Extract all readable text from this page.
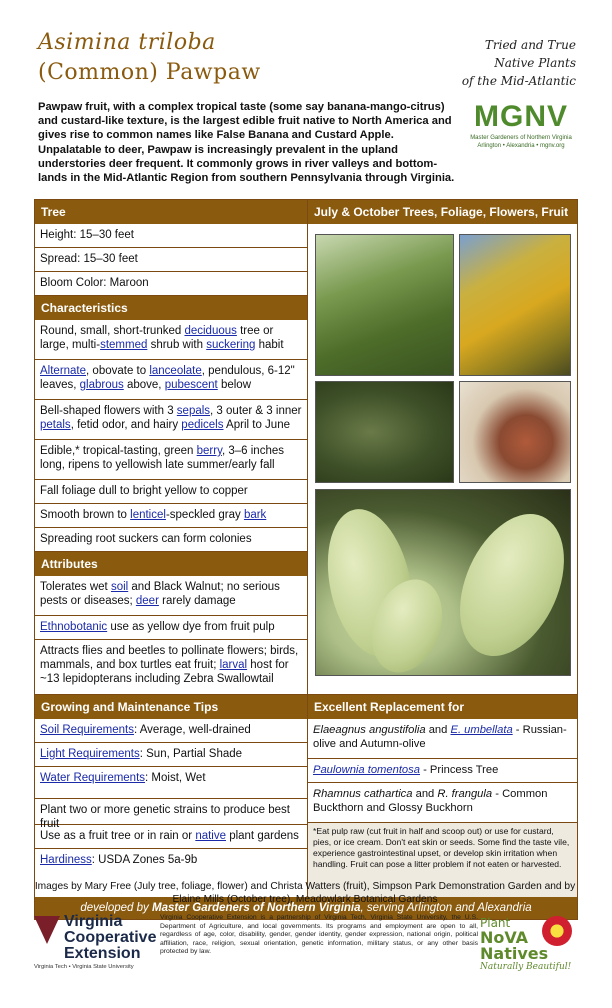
Asimina triloba
(Common) Pawpaw
Tried and True
Native Plants
of the Mid-Atlantic
MGNV
Master Gardeners of Northern Virginia
Arlington • Alexandria • mgnv.org
Pawpaw fruit, with a complex tropical taste (some say banana-mango-citrus) and custard-like texture, is the largest edible fruit native to North America and gives rise to common names like False Banana and Custard Apple. Unpalatable to deer, Pawpaw is increasingly prevalent in the upland understories deer frequent. It commonly grows in river valleys and bottom-lands in the Mid-Atlantic Region from southern Pennsylvania through Virginia.
Tree
Height: 15–30 feet
Spread: 15–30 feet
Bloom Color: Maroon
Characteristics
Round, small, short-trunked deciduous tree or large, multi-stemmed shrub with suckering habit
Alternate, obovate to lanceolate, pendulous, 6-12" leaves, glabrous above, pubescent below
Bell-shaped flowers with 3 sepals, 3 outer & 3 inner petals, fetid odor, and hairy pedicels April to June
Edible,* tropical-tasting, green berry, 3–6 inches long, ripens to yellowish late summer/early fall
Fall foliage dull to bright yellow to copper
Smooth brown to lenticel-speckled gray bark
Spreading root suckers can form colonies
Attributes
Tolerates wet soil and Black Walnut; no serious pests or diseases; deer rarely damage
Ethnobotanic use as yellow dye from fruit pulp
Attracts flies and beetles to pollinate flowers; birds, mammals, and box turtles eat fruit; larval host for ~13 lepidopterans including Zebra Swallowtail
July & October Trees, Foliage, Flowers, Fruit
Growing and Maintenance Tips
Soil Requirements: Average, well-drained
Light Requirements: Sun, Partial Shade
Water Requirements: Moist, Wet
Plant two or more genetic strains to produce best fruit
Use as a fruit tree or in rain or native plant gardens
Hardiness: USDA Zones 5a-9b
Excellent Replacement for
Elaeagnus angustifolia and E. umbellata - Russian-olive and Autumn-olive
Paulownia tomentosa - Princess Tree
Rhamnus cathartica and R. frangula - Common Buckthorn and Glossy Buckhorn
*Eat pulp raw (cut fruit in half and scoop out) or use for custard, pies, or ice cream. Don't eat skin or seeds. Some find the taste vile, experience gastrointestinal upset, or develop skin irritation when handling. Fruit can pose a litter problem if not eaten or harvested.
developed by Master Gardeners of Northern Virginia, serving Arlington and Alexandria
Images by Mary Free (July tree, foliage, flower) and Christa Watters (fruit), Simpson Park Demonstration Garden and by Elaine Mills (October tree), Meadowlark Botanical Gardens
Virginia
Cooperative
Extension
Virginia Tech • Virginia State University
Virginia Cooperative Extension is a partnership of Virginia Tech, Virginia State University, the U.S. Department of Agriculture, and local governments. Its programs and employment are open to all, regardless of age, color, disability, gender, gender identity, gender expression, national origin, political affiliation, race, religion, sexual orientation, genetic information, military status, or any other basis protected by law.
Plant
NoVA Natives
Naturally Beautiful!
